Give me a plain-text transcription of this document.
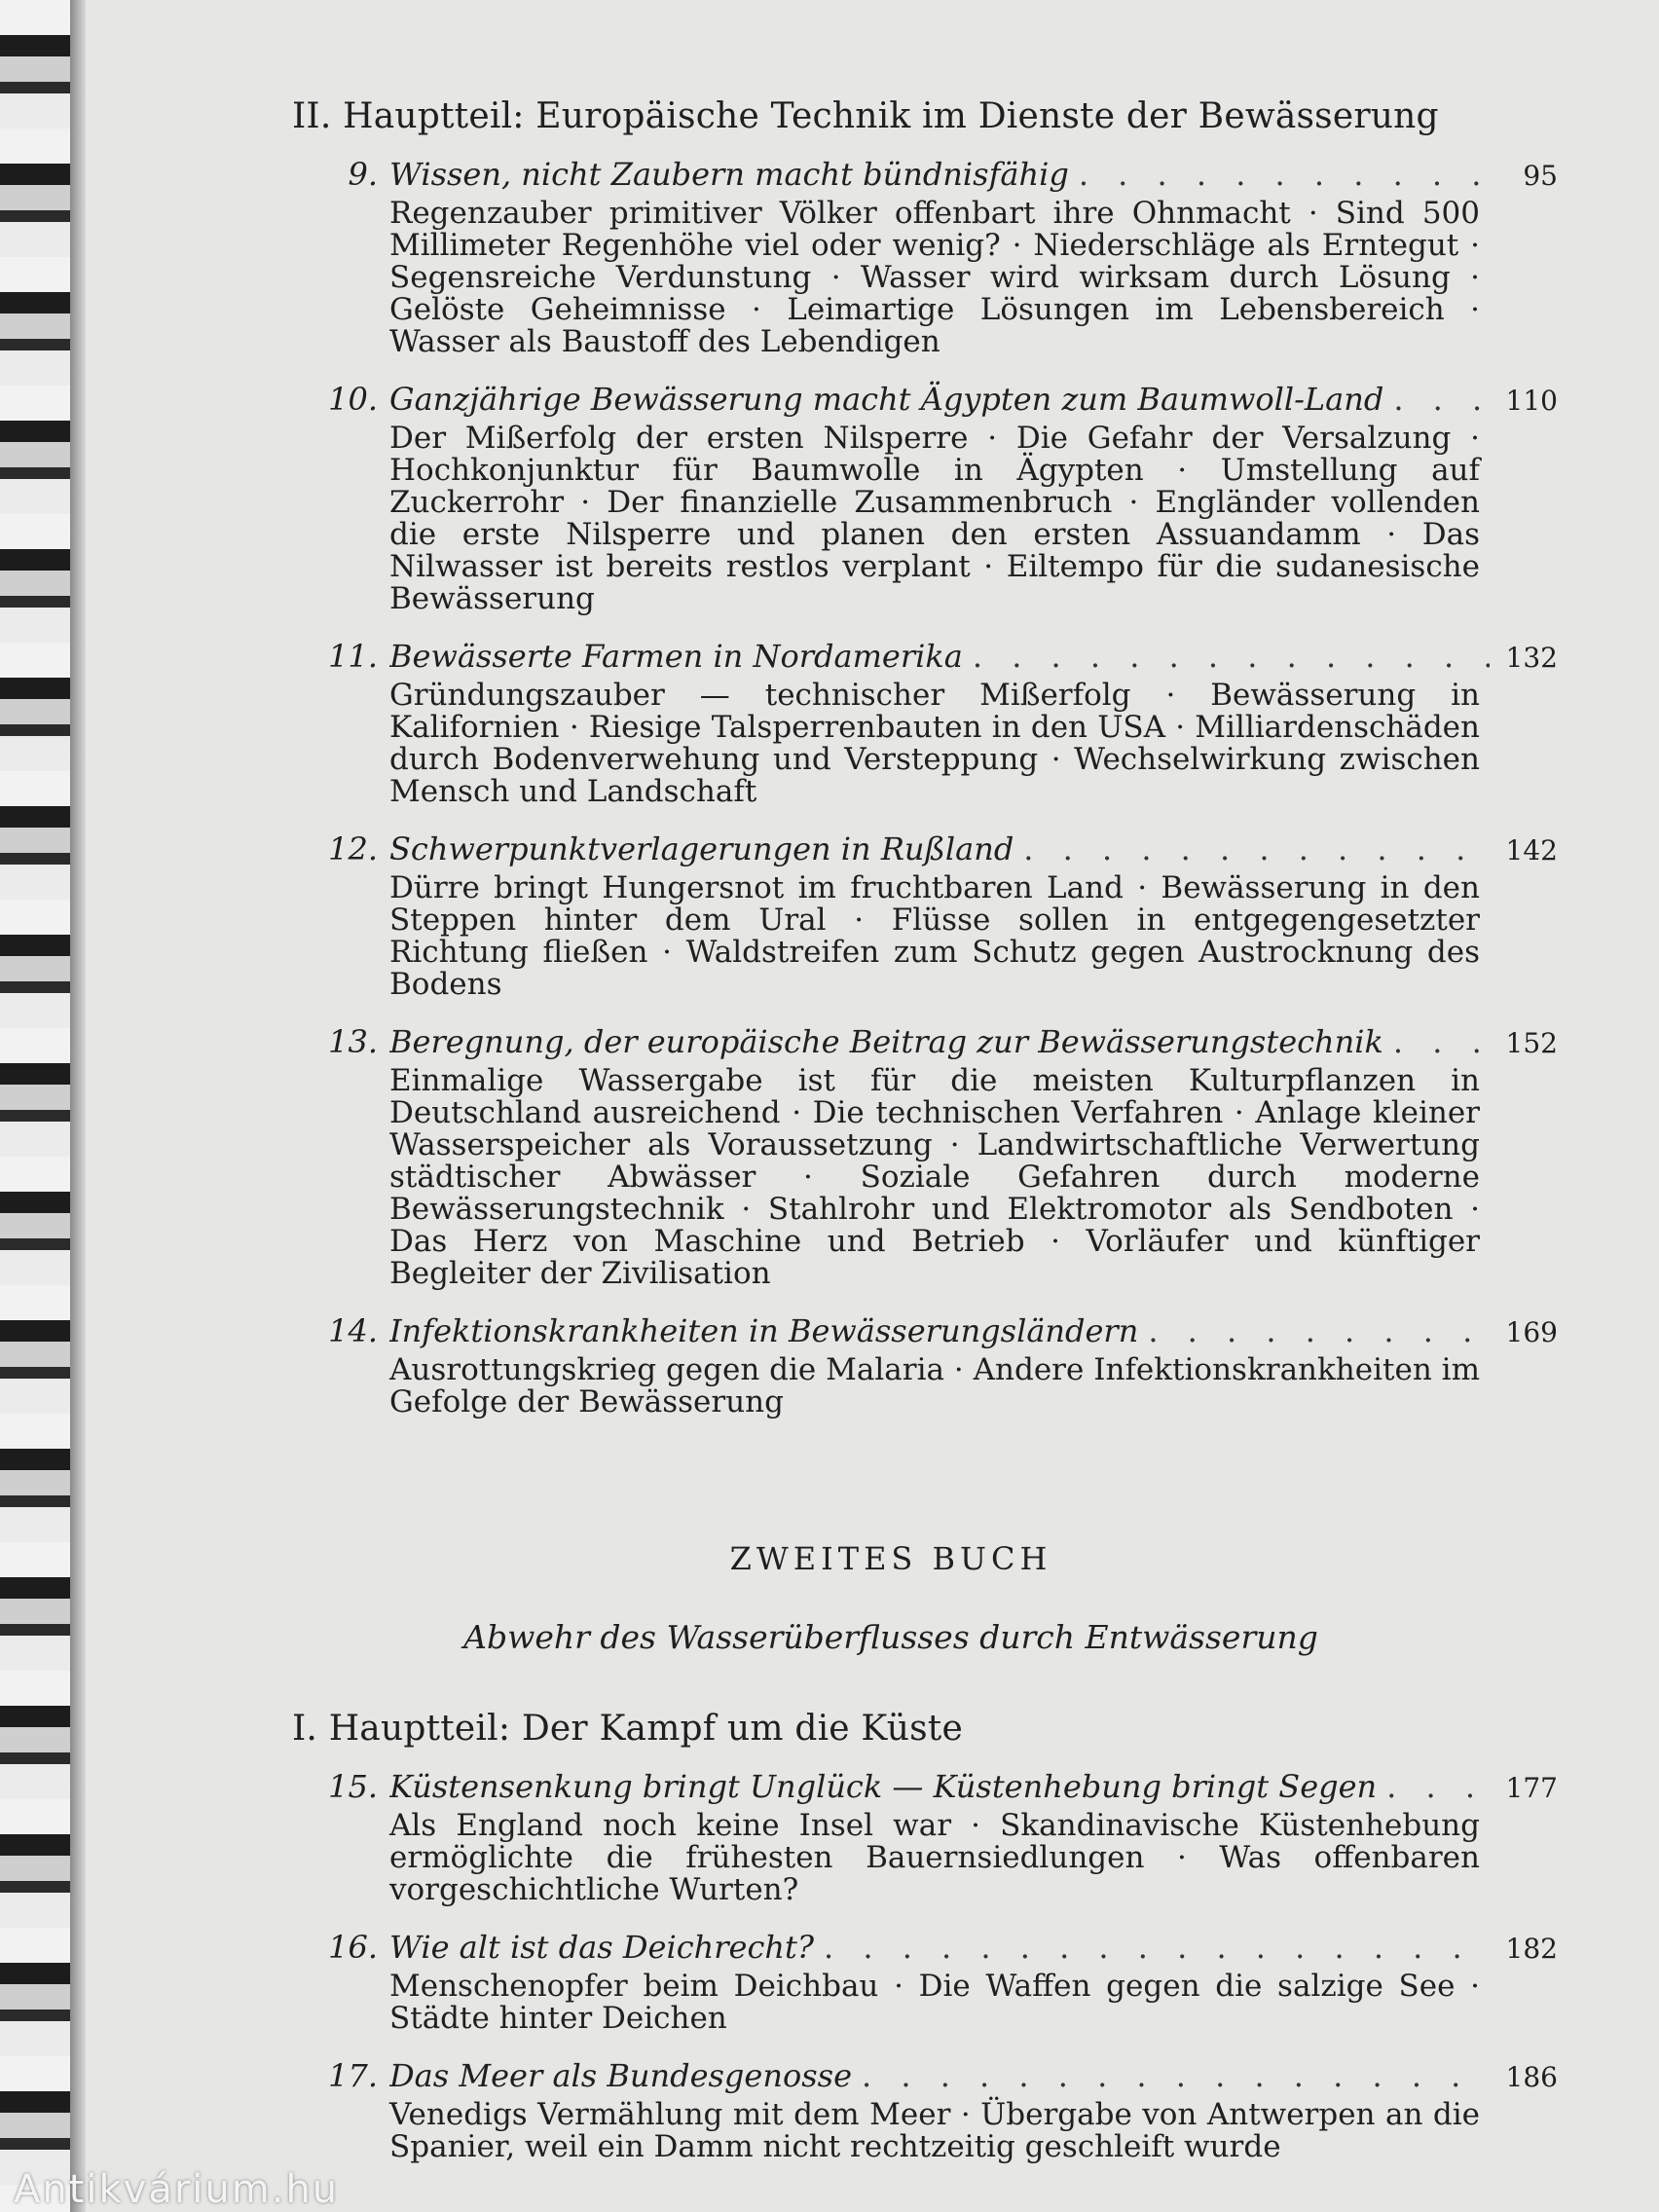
II. Hauptteil: Europäische Technik im Dienste der Bewässerung
9. Wissen, nicht Zaubern macht bündnisfähig . . .	95
Regenzauber primitiver Völker offenbart ihre Ohnmacht · Sind 500 Millimeter Regenhöhe viel oder wenig? · Niederschläge als Erntegut · Segensreiche Verdunstung · Wasser wird wirksam durch Lösung · Gelöste Geheimnisse · Leimartige Lösungen im Lebensbereich · Wasser als Baustoff des Lebendigen
10. Ganzjährige Bewässerung macht Ägypten zum Baumwoll-Land . . .	110
Der Mißerfolg der ersten Nilsperre · Die Gefahr der Versalzung · Hochkonjunktur für Baumwolle in Ägypten · Umstellung auf Zuckerrohr · Der finanzielle Zusammenbruch · Engländer vollenden die erste Nilsperre und planen den ersten Assuandamm · Das Nilwasser ist bereits restlos verplant · Eiltempo für die sudanesische Bewässerung
11. Bewässerte Farmen in Nordamerika . . .	132
Gründungszauber — technischer Mißerfolg · Bewässerung in Kalifornien · Riesige Talsperrenbauten in den USA · Milliardenschäden durch Bodenverwehung und Versteppung · Wechselwirkung zwischen Mensch und Landschaft
12. Schwerpunktverlagerungen in Rußland . . .	142
Dürre bringt Hungersnot im fruchtbaren Land · Bewässerung in den Steppen hinter dem Ural · Flüsse sollen in entgegengesetzter Richtung fließen · Waldstreifen zum Schutz gegen Austrocknung des Bodens
13. Beregnung, der europäische Beitrag zur Bewässerungstechnik . . .	152
Einmalige Wassergabe ist für die meisten Kulturpflanzen in Deutschland ausreichend · Die technischen Verfahren · Anlage kleiner Wasserspeicher als Voraussetzung · Landwirtschaftliche Verwertung städtischer Abwässer · Soziale Gefahren durch moderne Bewässerungstechnik · Stahlrohr und Elektromotor als Sendboten · Das Herz von Maschine und Betrieb · Vorläufer und künftiger Begleiter der Zivilisation
14. Infektionskrankheiten in Bewässerungsländern . . .	169
Ausrottungskrieg gegen die Malaria · Andere Infektionskrankheiten im Gefolge der Bewässerung
ZWEITES BUCH
Abwehr des Wasserüberflusses durch Entwässerung
I. Hauptteil: Der Kampf um die Küste
15. Küstensenkung bringt Unglück — Küstenhebung bringt Segen . . .	177
Als England noch keine Insel war · Skandinavische Küstenhebung ermöglichte die frühesten Bauernsiedlungen · Was offenbaren vorgeschichtliche Wurten?
16. Wie alt ist das Deichrecht? . . .	182
Menschenopfer beim Deichbau · Die Waffen gegen die salzige See · Städte hinter Deichen
17. Das Meer als Bundesgenosse . . .	186
Venedigs Vermählung mit dem Meer · Übergabe von Antwerpen an die Spanier, weil ein Damm nicht rechtzeitig geschleift wurde
Antikvárium.hu
